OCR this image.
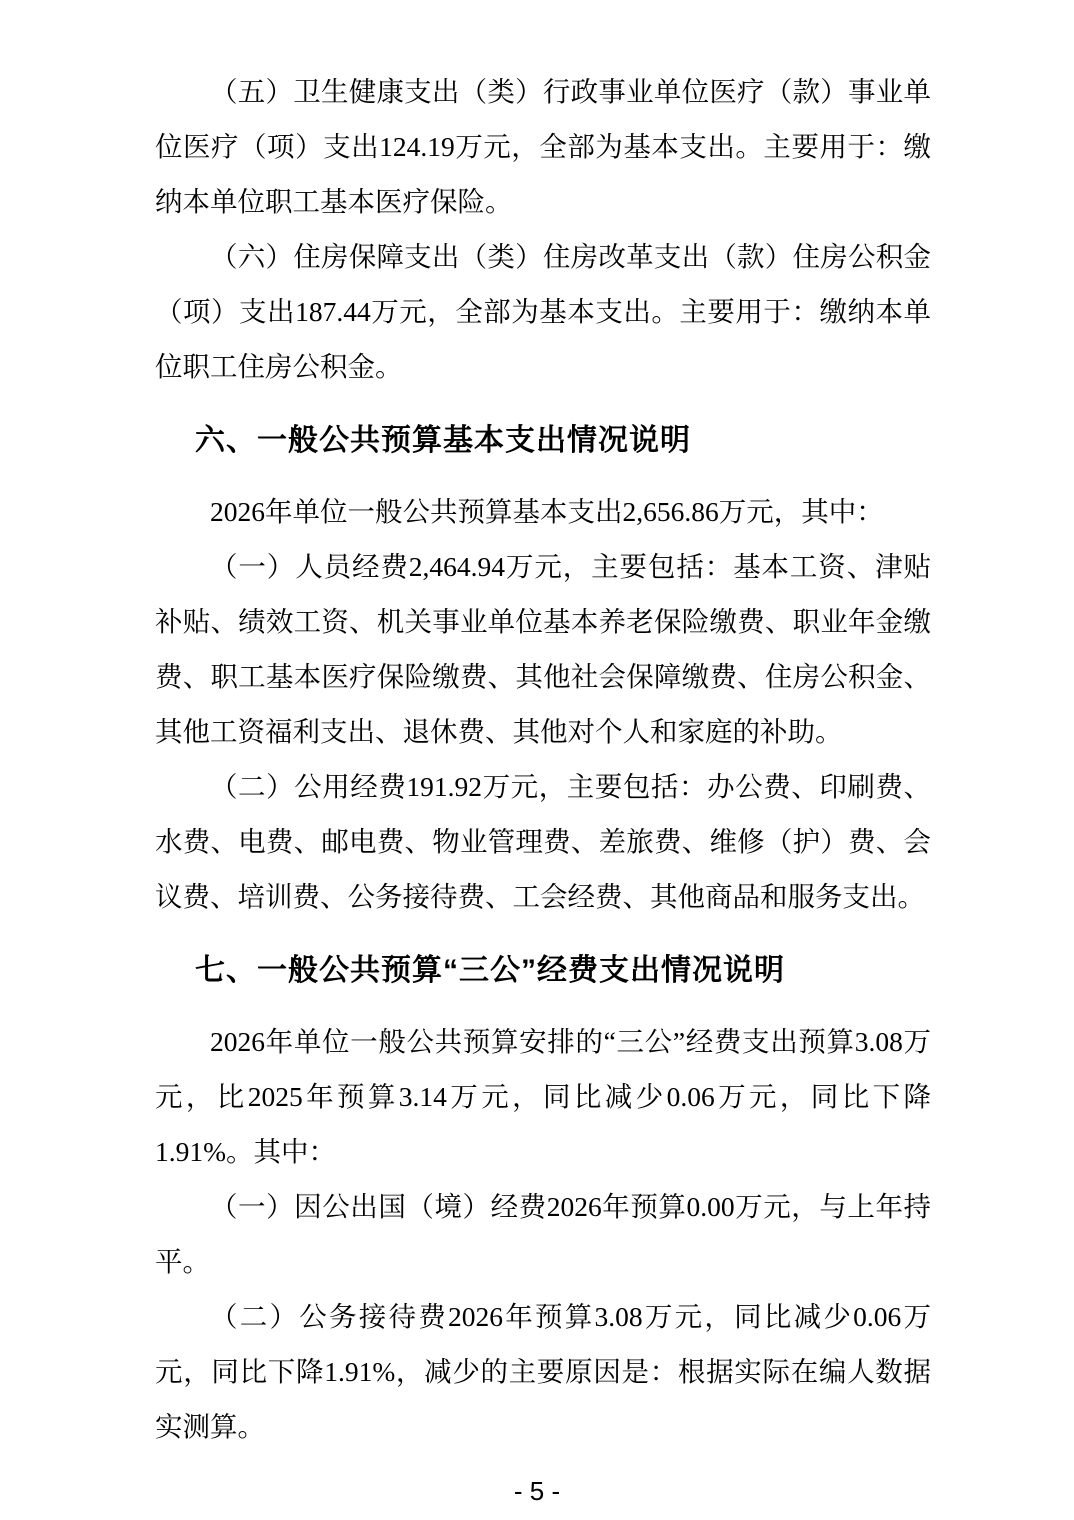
（五）卫生健康支出（类）行政事业单位医疗（款）事业单位医疗（项）支出124.19万元，全部为基本支出。主要用于：缴纳本单位职工基本医疗保险。

（六）住房保障支出（类）住房改革支出（款）住房公积金（项）支出187.44万元，全部为基本支出。主要用于：缴纳本单位职工住房公积金。

六、一般公共预算基本支出情况说明

2026年单位一般公共预算基本支出2,656.86万元，其中：

（一）人员经费2,464.94万元，主要包括：基本工资、津贴补贴、绩效工资、机关事业单位基本养老保险缴费、职业年金缴费、职工基本医疗保险缴费、其他社会保障缴费、住房公积金、其他工资福利支出、退休费、其他对个人和家庭的补助。

（二）公用经费191.92万元，主要包括：办公费、印刷费、水费、电费、邮电费、物业管理费、差旅费、维修（护）费、会议费、培训费、公务接待费、工会经费、其他商品和服务支出。

七、一般公共预算“三公”经费支出情况说明

2026年单位一般公共预算安排的“三公”经费支出预算3.08万元，比2025年预算3.14万元，同比减少0.06万元，同比下降1.91%。其中：

（一）因公出国（境）经费2026年预算0.00万元，与上年持平。

（二）公务接待费2026年预算3.08万元，同比减少0.06万元，同比下降1.91%，减少的主要原因是：根据实际在编人数据实测算。

- 5 -
